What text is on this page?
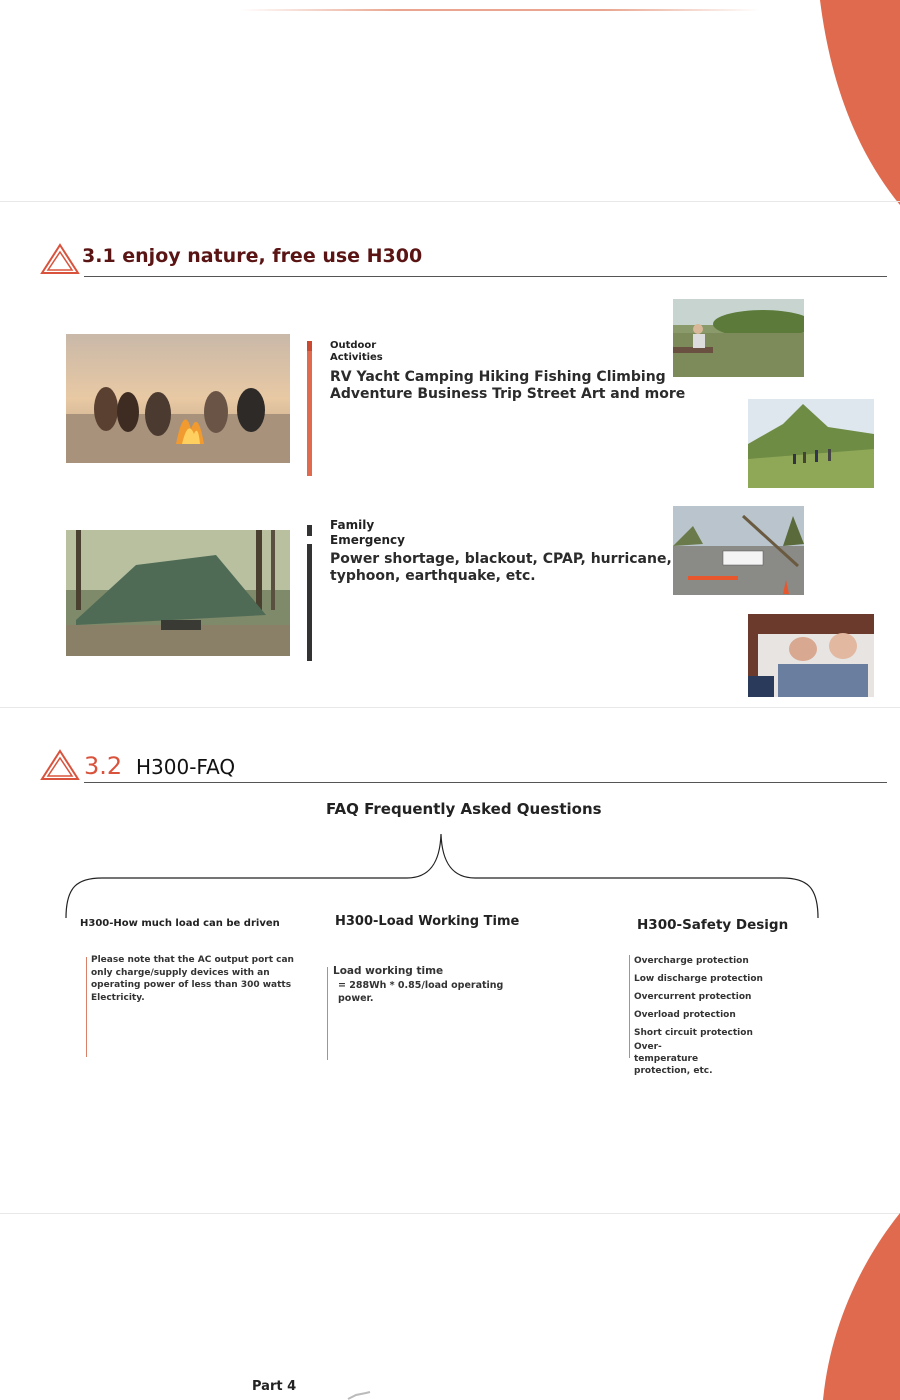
3.1 enjoy nature, free use H300
Outdoor
Activities
RV Yacht Camping Hiking Fishing Climbing
Adventure Business Trip Street Art and more
Family
Emergency
Power shortage, blackout, CPAP, hurricane,
typhoon, earthquake, etc.
3.2 H300-FAQ
FAQ Frequently Asked Questions
H300-How much load can be driven
Please note that the AC output port can
only charge/supply devices with an
operating power of less than 300 watts
Electricity.
H300-Load Working Time
Load working time
= 288Wh * 0.85/load operating
power.
H300-Safety Design
Overcharge protection
Low discharge protection
Overcurrent protection
Overload protection
Short circuit protection
Over-
temperature
protection, etc.
Part 4
